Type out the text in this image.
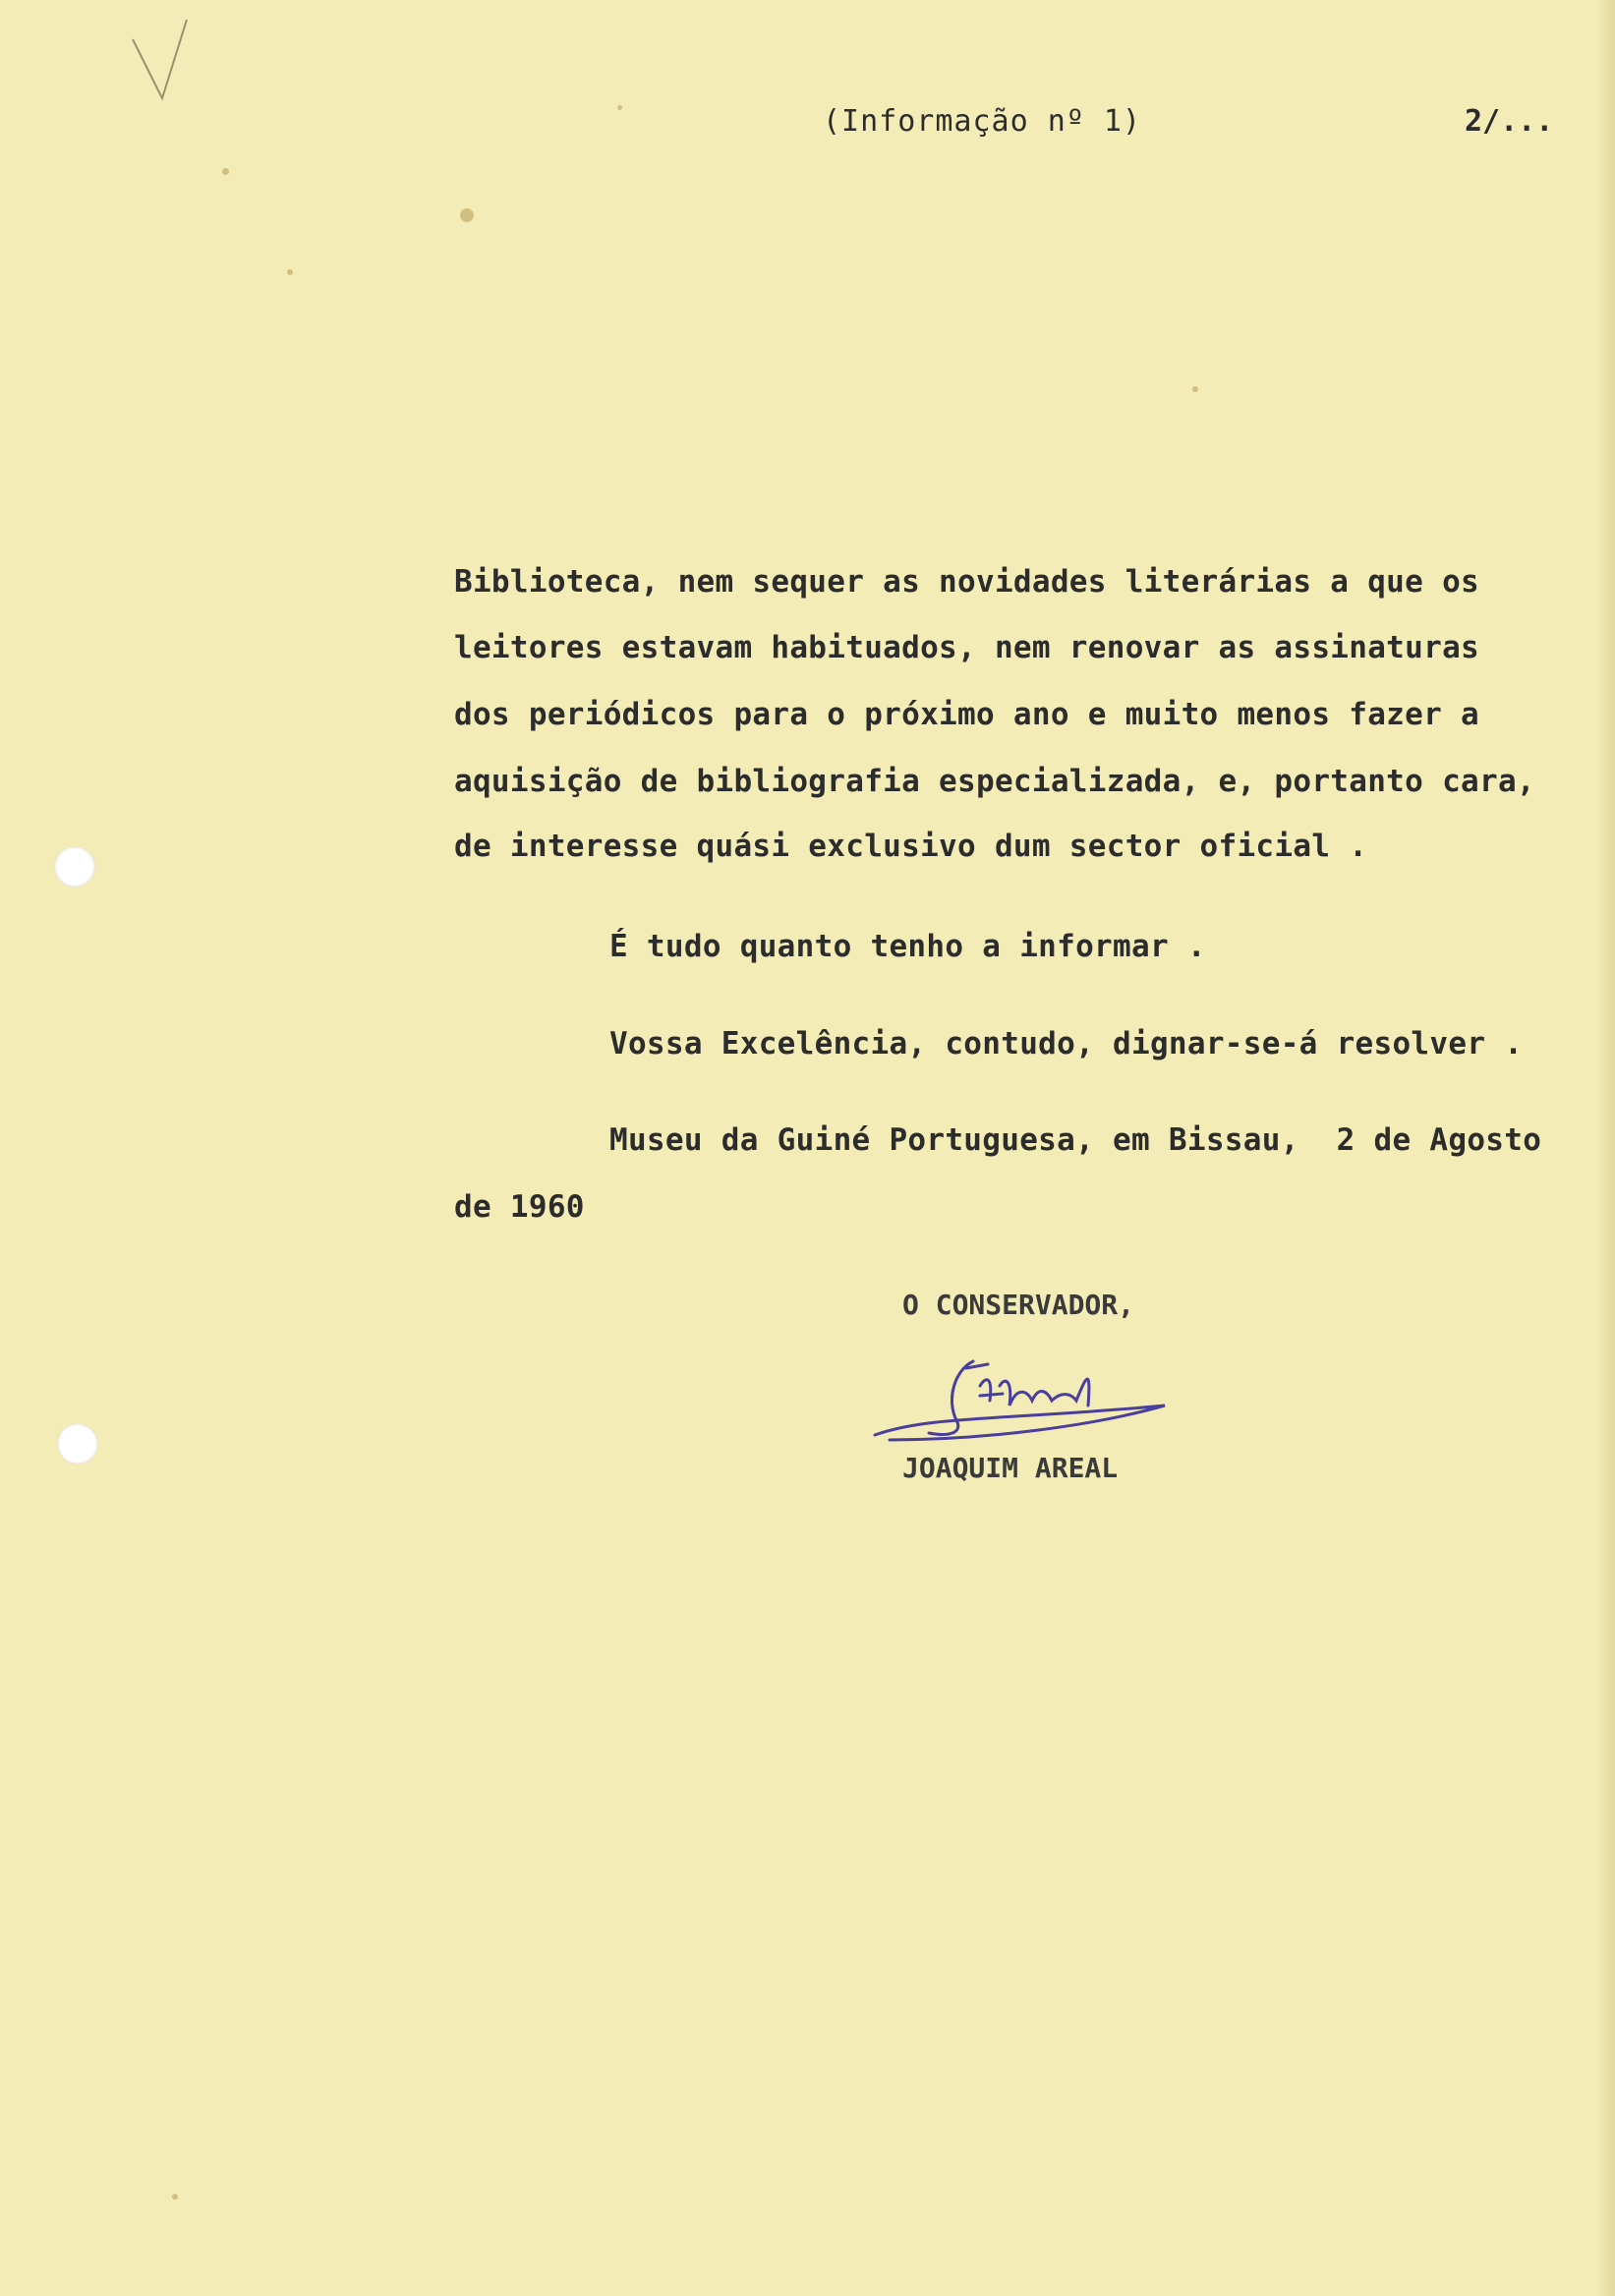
(Informação nº 1)	2/...
Biblioteca, nem sequer as novidades literárias a que os
leitores estavam habituados, nem renovar as assinaturas
dos periódicos para o próximo ano e muito menos fazer a
aquisição de bibliografia especializada, e, portanto cara,
de interesse quási exclusivo dum sector oficial .
É tudo quanto tenho a informar .
Vossa Excelência, contudo, dignar-se-á resolver .
Museu da Guiné Portuguesa, em Bissau,  2 de Agosto
de 1960
O CONSERVADOR,
JOAQUIM AREAL
